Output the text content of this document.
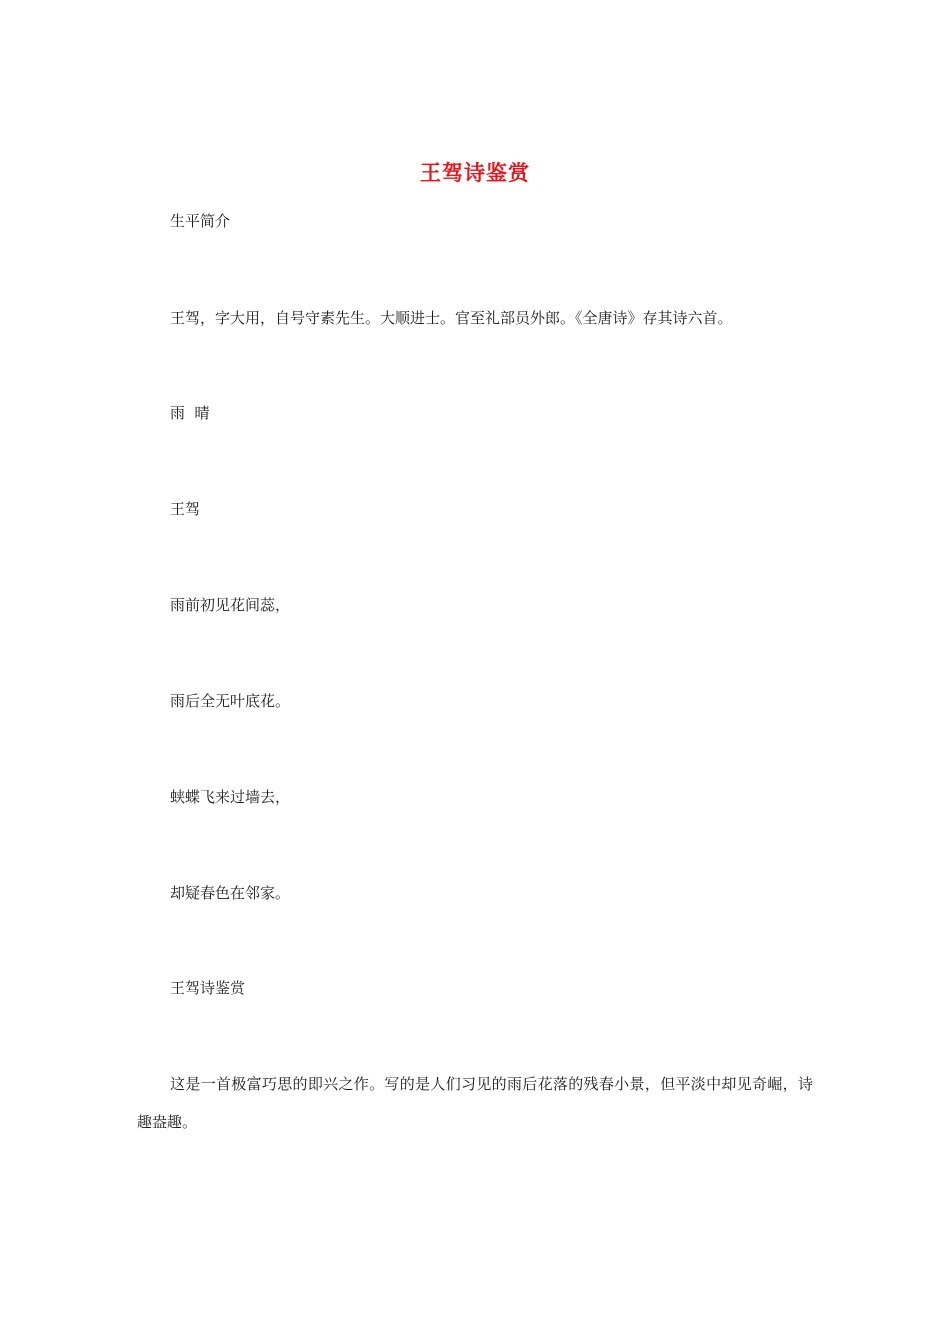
王驾诗鉴赏
生平简介
王驾，字大用，自号守素先生。大顺进士。官至礼部员外郎。《全唐诗》存其诗六首。
雨  晴
王驾
雨前初见花间蕊，
雨后全无叶底花。
蛱蝶飞来过墙去，
却疑春色在邻家。
王驾诗鉴赏
这是一首极富巧思的即兴之作。写的是人们习见的雨后花落的残春小景，但平淡中却见奇崛，诗趣盎趣。
